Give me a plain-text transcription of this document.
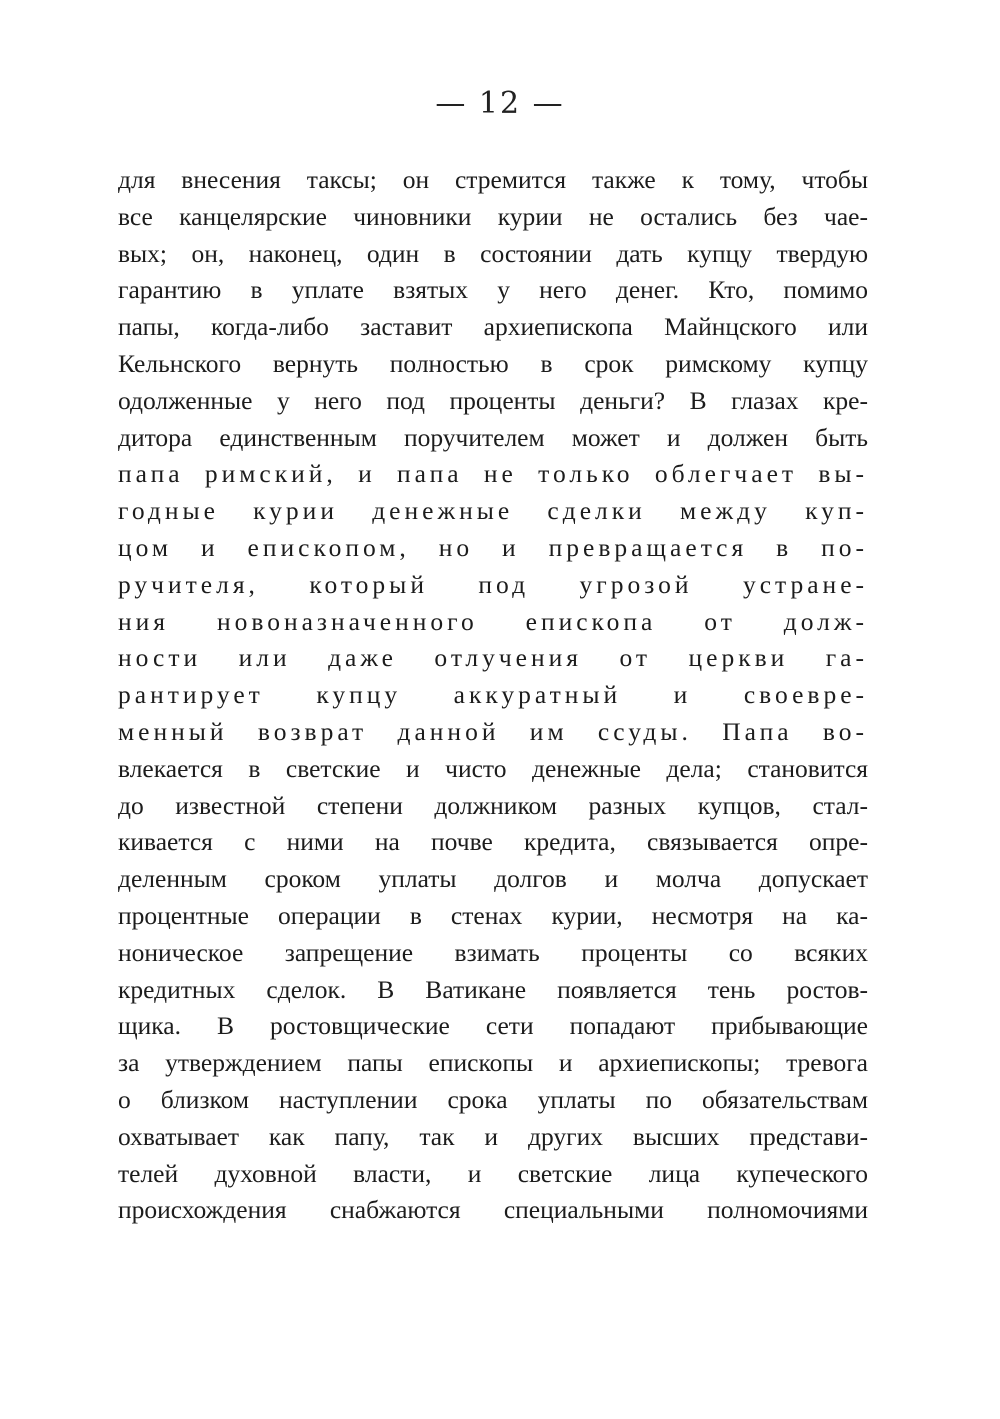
— 12 —
для внесения таксы; он стремится также к тому, чтобы
все канцелярские чиновники курии не остались без чае-
вых; он, наконец, один в состоянии дать купцу твердую
гарантию в уплате взятых у него денег. Кто, помимо
папы, когда-либо заставит архиепископа Майнцского или
Кельнского вернуть полностью в срок римскому купцу
одолженные у него под проценты деньги? В глазах кре-
дитора единственным поручителем может и должен быть
папа римский, и папа не только облегчает вы-
годные курии денежные сделки между куп-
цом и епископом, но и превращается в по-
ручителя, который под угрозой устране-
ния новоназначенного епископа от долж-
ности или даже отлучения от церкви га-
рантирует купцу аккуратный и своевре-
менный возврат данной им ссуды. Папа во-
влекается в светские и чисто денежные дела; становится
до известной степени должником разных купцов, стал-
кивается с ними на почве кредита, связывается опре-
деленным сроком уплаты долгов и молча допускает
процентные операции в стенах курии, несмотря на ка-
ноническое запрещение взимать проценты со всяких
кредитных сделок. В Ватикане появляется тень ростов-
щика. В ростовщические сети попадают прибывающие
за утверждением папы епископы и архиепископы; тревога
о близком наступлении срока уплаты по обязательствам
охватывает как папу, так и других высших представи-
телей духовной власти, и светские лица купеческого
происхождения снабжаются специальными полномочиями
